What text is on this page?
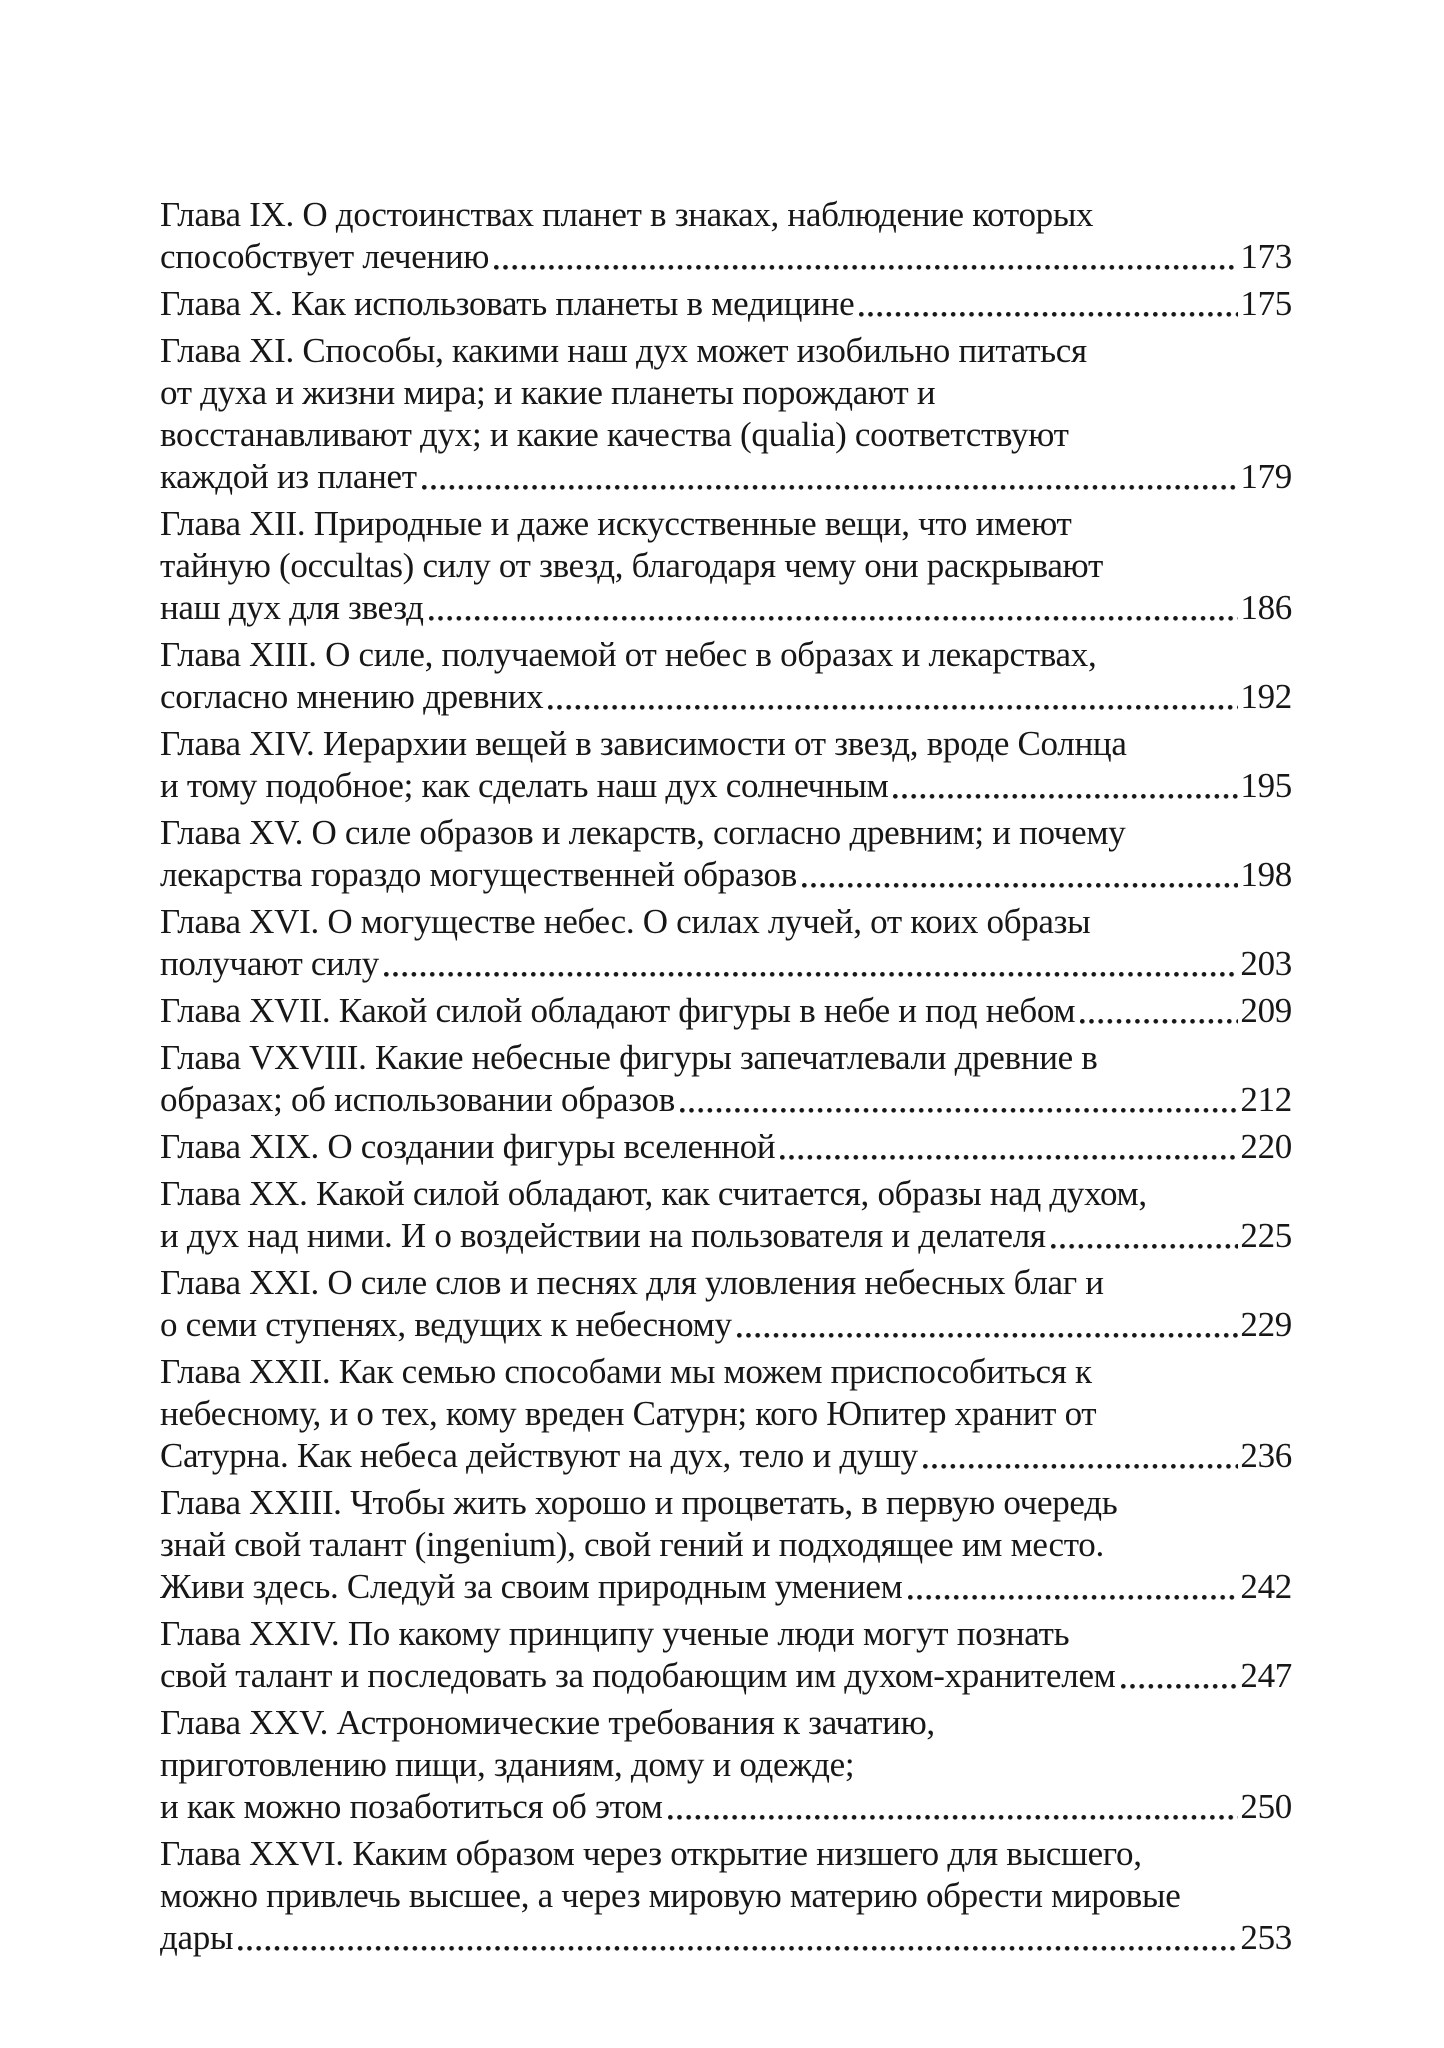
Глава IX. О достоинствах планет в знаках, наблюдение которых
способствует лечению	173
Глава X. Как использовать планеты в медицине	175
Глава XI. Способы, какими наш дух может изобильно питаться
от духа и жизни мира; и какие планеты порождают и
восстанавливают дух; и какие качества (qualia) соответствуют
каждой из планет	179
Глава XII. Природные и даже искусственные вещи, что имеют
тайную (occultas) силу от звезд, благодаря чему они раскрывают
наш дух для звезд	186
Глава XIII. О силе, получаемой от небес в образах и лекарствах,
согласно мнению древних	192
Глава XIV. Иерархии вещей в зависимости от звезд, вроде Солнца
и тому подобное; как сделать наш дух солнечным	195
Глава XV. О силе образов и лекарств, согласно древним; и почему
лекарства гораздо могущественней образов	198
Глава XVI. О могуществе небес. О силах лучей, от коих образы
получают силу	203
Глава XVII. Какой силой обладают фигуры в небе и под небом	209
Глава VXVIII. Какие небесные фигуры запечатлевали древние в
образах; об использовании образов	212
Глава XIX. О создании фигуры вселенной	220
Глава XX. Какой силой обладают, как считается, образы над духом,
и дух над ними. И о воздействии на пользователя и делателя	225
Глава XXI. О силе слов и песнях для уловления небесных благ и
о семи ступенях, ведущих к небесному	229
Глава XXII. Как семью способами мы можем приспособиться к
небесному, и о тех, кому вреден Сатурн; кого Юпитер хранит от
Сатурна. Как небеса действуют на дух, тело и душу	236
Глава XXIII. Чтобы жить хорошо и процветать, в первую очередь
знай свой талант (ingenium), свой гений и подходящее им место.
Живи здесь. Следуй за своим природным умением	242
Глава XXIV. По какому принципу ученые люди могут познать
свой талант и последовать за подобающим им духом-хранителем	247
Глава XXV. Астрономические требования к зачатию,
приготовлению пищи, зданиям, дому и одежде;
и как можно позаботиться об этом	250
Глава XXVI. Каким образом через открытие низшего для высшего,
можно привлечь высшее, а через мировую материю обрести мировые
дары	253
